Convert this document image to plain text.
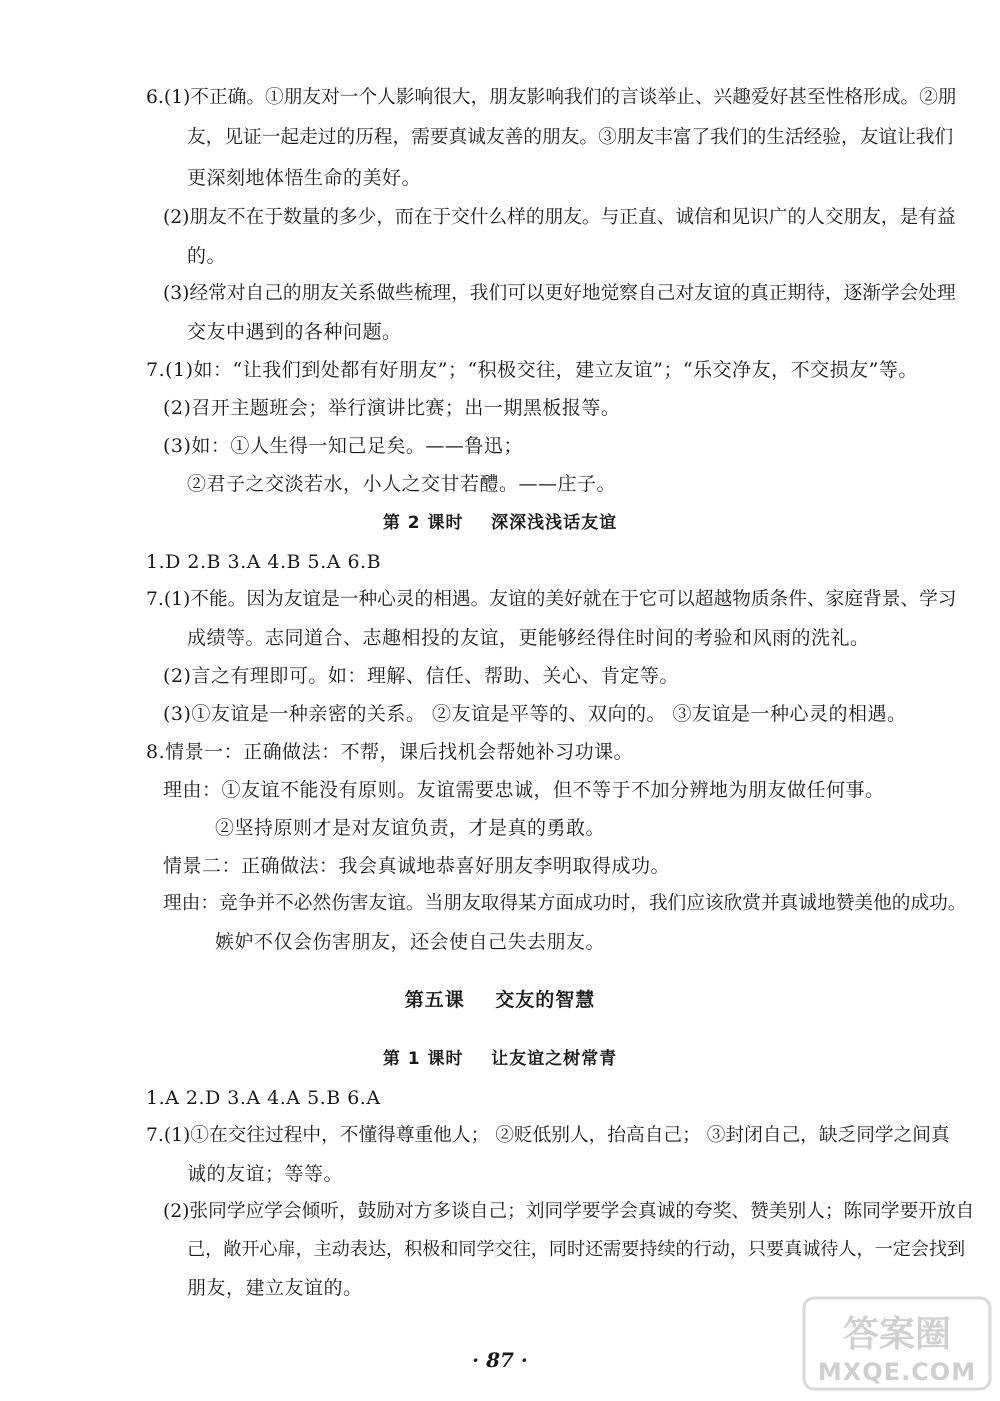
6.(1)不正确。①朋友对一个人影响很大，朋友影响我们的言谈举止、兴趣爱好甚至性格形成。②朋
友，见证一起走过的历程，需要真诚友善的朋友。③朋友丰富了我们的生活经验，友谊让我们
更深刻地体悟生命的美好。
(2)朋友不在于数量的多少，而在于交什么样的朋友。与正直、诚信和见识广的人交朋友，是有益
的。
(3)经常对自己的朋友关系做些梳理，我们可以更好地觉察自己对友谊的真正期待，逐渐学会处理
交友中遇到的各种问题。
7.(1)如：“让我们到处都有好朋友”；“积极交往，建立友谊”；“乐交净友，不交损友”等。
(2)召开主题班会；举行演讲比赛；出一期黑板报等。
(3)如：①人生得一知己足矣。——鲁迅；
②君子之交淡若水，小人之交甘若醴。——庄子。
第 2 课时    深深浅浅话友谊
1.D 2.B 3.A 4.B 5.A 6.B
7.(1)不能。因为友谊是一种心灵的相遇。友谊的美好就在于它可以超越物质条件、家庭背景、学习
成绩等。志同道合、志趣相投的友谊，更能够经得住时间的考验和风雨的洗礼。
(2)言之有理即可。如：理解、信任、帮助、关心、肯定等。
(3)①友谊是一种亲密的关系。 ②友谊是平等的、双向的。 ③友谊是一种心灵的相遇。
8.情景一：正确做法：不帮，课后找机会帮她补习功课。
理由：①友谊不能没有原则。友谊需要忠诚，但不等于不加分辨地为朋友做任何事。
②坚持原则才是对友谊负责，才是真的勇敢。
情景二：正确做法：我会真诚地恭喜好朋友李明取得成功。
理由：竞争并不必然伤害友谊。当朋友取得某方面成功时，我们应该欣赏并真诚地赞美他的成功。
嫉妒不仅会伤害朋友，还会使自己失去朋友。
第五课    交友的智慧
第 1 课时    让友谊之树常青
1.A 2.D 3.A 4.A 5.B 6.A
7.(1)①在交往过程中，不懂得尊重他人； ②贬低别人，抬高自己； ③封闭自己，缺乏同学之间真
诚的友谊；等等。
(2)张同学应学会倾听，鼓励对方多谈自己；刘同学要学会真诚的夸奖、赞美别人；陈同学要开放自
己，敞开心扉，主动表达，积极和同学交往，同时还需要持续的行动，只要真诚待人，一定会找到
朋友，建立友谊的。
· 87 ·
答案圈
MXQE.COM
